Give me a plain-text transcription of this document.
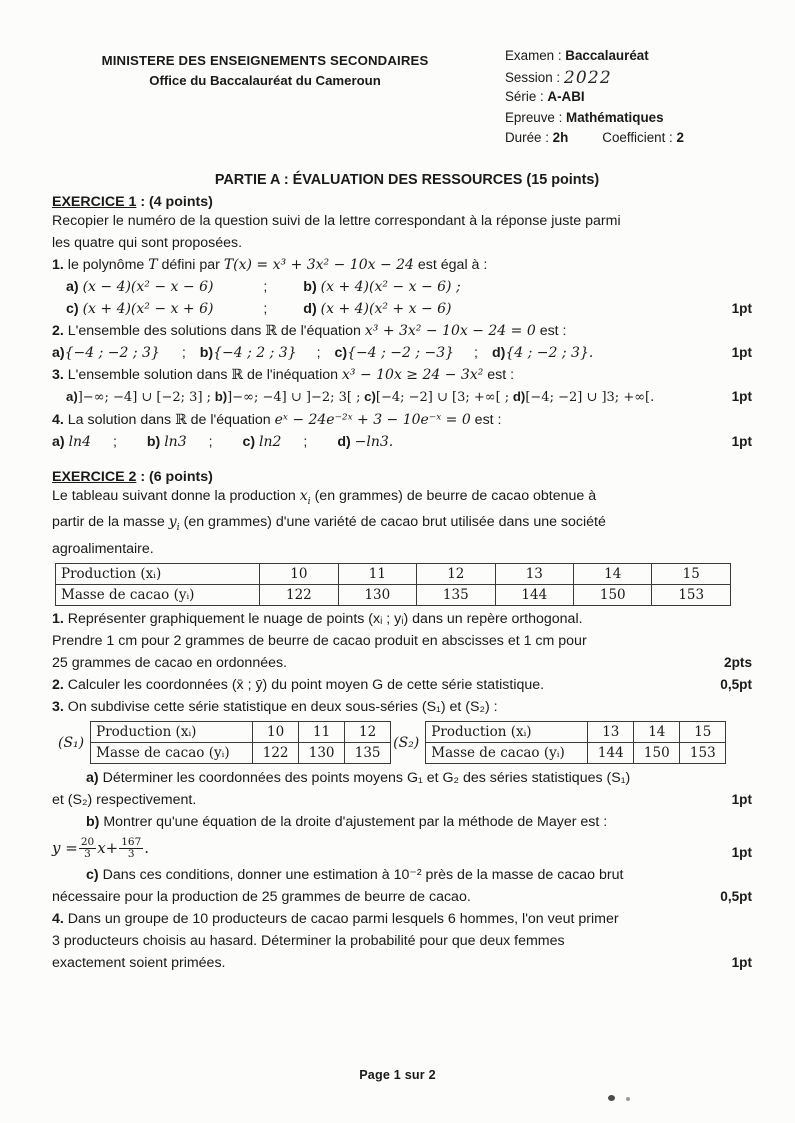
MINISTERE DES ENSEIGNEMENTS SECONDAIRES
Office du Baccalauréat du Cameroun
Examen : Baccalauréat
Session : 2022
Série : A-ABI
Epreuve : Mathématiques
Durée : 2h	Coefficient : 2
PARTIE A : ÉVALUATION DES RESSOURCES (15 points)
EXERCICE 1 : (4 points)
Recopier le numéro de la question suivi de la lettre correspondant à la réponse juste parmi
les quatre qui sont proposées.
1. le polynôme T défini par T(x) = x³ + 3x² − 10x − 24 est égal à :
a) (x − 4)(x² − x − 6)	;	b) (x + 4)(x² − x − 6) ;
c) (x + 4)(x² − x + 6)	;	d) (x + 4)(x² + x − 6)	1pt
2. L'ensemble des solutions dans ℝ de l'équation x³ + 3x² − 10x − 24 = 0 est :
a){−4 ; −2 ; 3} ; b){−4 ; 2 ; 3} ; c){−4 ; −2 ; −3} ; d){4 ; −2 ; 3}.	1pt
3. L'ensemble solution dans ℝ de l'inéquation x³ − 10x ≥ 24 − 3x² est :
a)]−∞; −4] ∪ [−2; 3] ; b)]−∞; −4] ∪ ]−2; 3[ ; c)[−4; −2] ∪ [3; +∞[ ; d)[−4; −2] ∪ ]3; +∞[.	1pt
4. La solution dans ℝ de l'équation eˣ − 24e⁻²ˣ + 3 − 10e⁻ˣ = 0 est :
a) ln4 ; b) ln3 ; c) ln2 ; d) −ln3.	1pt
EXERCICE 2 : (6 points)
Le tableau suivant donne la production $x_i$ (en grammes) de beurre de cacao obtenue à
partir de la masse $y_i$ (en grammes) d'une variété de cacao brut utilisée dans une société
agroalimentaire.
Production (xᵢ)	10	11	12	13	14	15
Masse de cacao (yᵢ)	122	130	135	144	150	153
1. Représenter graphiquement le nuage de points (xᵢ ; yᵢ) dans un repère orthogonal.
Prendre 1 cm pour 2 grammes de beurre de cacao produit en abscisses et 1 cm pour
25 grammes de cacao en ordonnées.	2pts
2. Calculer les coordonnées (x̄ ; ȳ) du point moyen G de cette série statistique.	0,5pt
3. On subdivise cette série statistique en deux sous-séries (S₁) et (S₂) :
(S₁)
Production (xᵢ)	10	11	12
Masse de cacao (yᵢ)	122	130	135
(S₂)
Production (xᵢ)	13	14	15
Masse de cacao (yᵢ)	144	150	153
a) Déterminer les coordonnées des points moyens G₁ et G₂ des séries statistiques (S₁)
et (S₂) respectivement.	1pt
b) Montrer qu'une équation de la droite d'ajustement par la méthode de Mayer est :
$y = \frac{20}{3} x+ \frac{167}{3}$ .	1pt
c) Dans ces conditions, donner une estimation à 10⁻² près de la masse de cacao brut
nécessaire pour la production de 25 grammes de beurre de cacao.	0,5pt
4. Dans un groupe de 10 producteurs de cacao parmi lesquels 6 hommes, l'on veut primer
3 producteurs choisis au hasard. Déterminer la probabilité pour que deux femmes
exactement soient primées.	1pt
Page 1 sur 2
